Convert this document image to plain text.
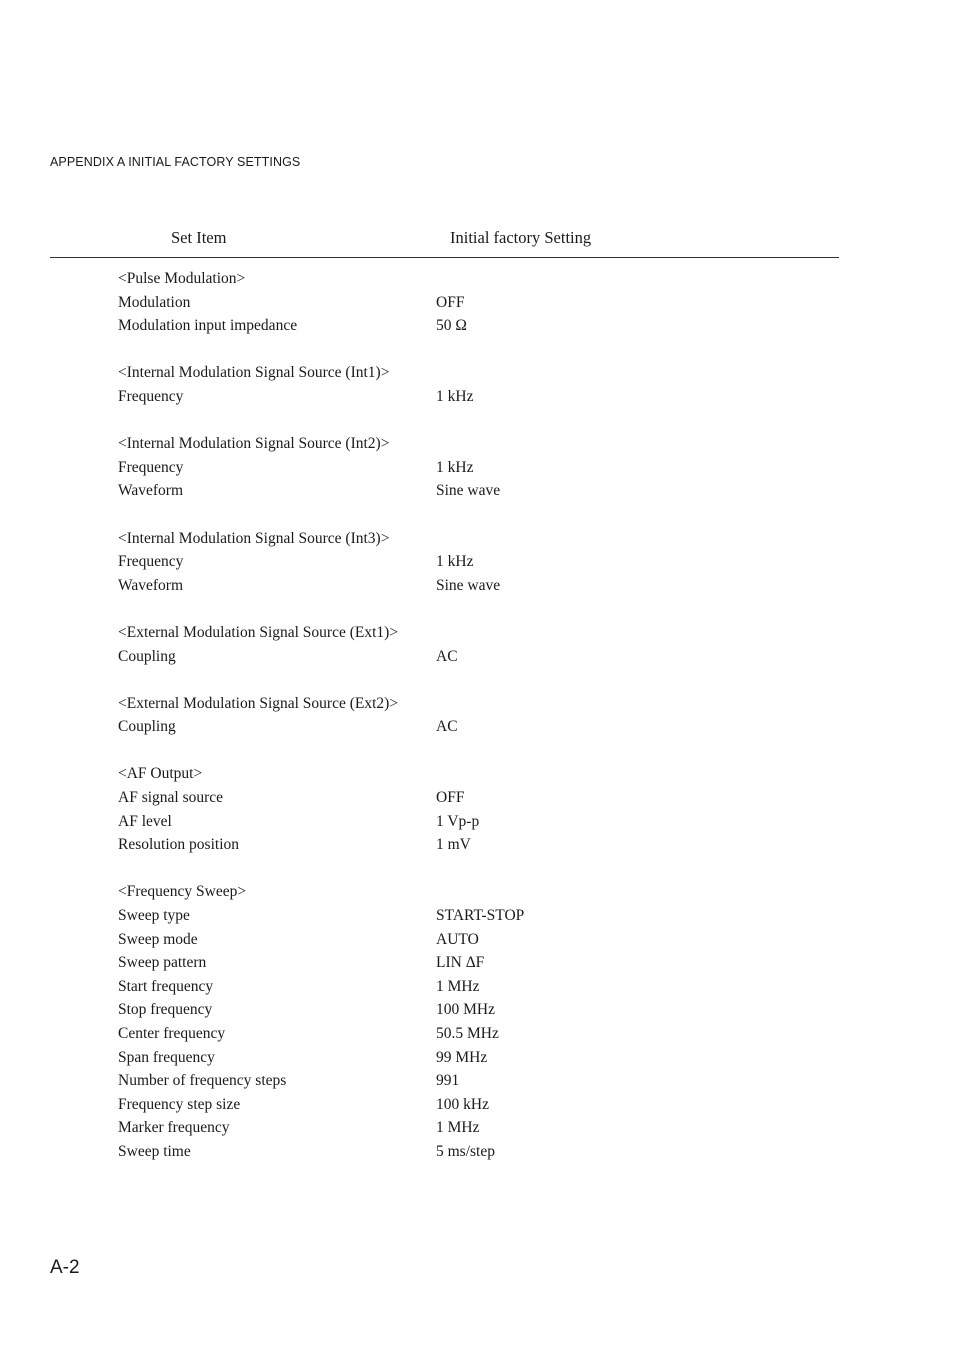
APPENDIX A INITIAL FACTORY SETTINGS
Set Item	Initial factory Setting
<Pulse Modulation>
Modulation	OFF
Modulation input impedance	50 Ω
<Internal Modulation Signal Source (Int1)>
Frequency	1 kHz
<Internal Modulation Signal Source (Int2)>
Frequency	1 kHz
Waveform	Sine wave
<Internal Modulation Signal Source (Int3)>
Frequency	1 kHz
Waveform	Sine wave
<External Modulation Signal Source (Ext1)>
Coupling	AC
<External Modulation Signal Source (Ext2)>
Coupling	AC
<AF Output>
AF signal source	OFF
AF level	1 Vp-p
Resolution position	1 mV
<Frequency Sweep>
Sweep type	START-STOP
Sweep mode	AUTO
Sweep pattern	LIN ΔF
Start frequency	1 MHz
Stop frequency	100 MHz
Center frequency	50.5 MHz
Span frequency	99 MHz
Number of frequency steps	991
Frequency step size	100 kHz
Marker frequency	1 MHz
Sweep time	5 ms/step
A-2
